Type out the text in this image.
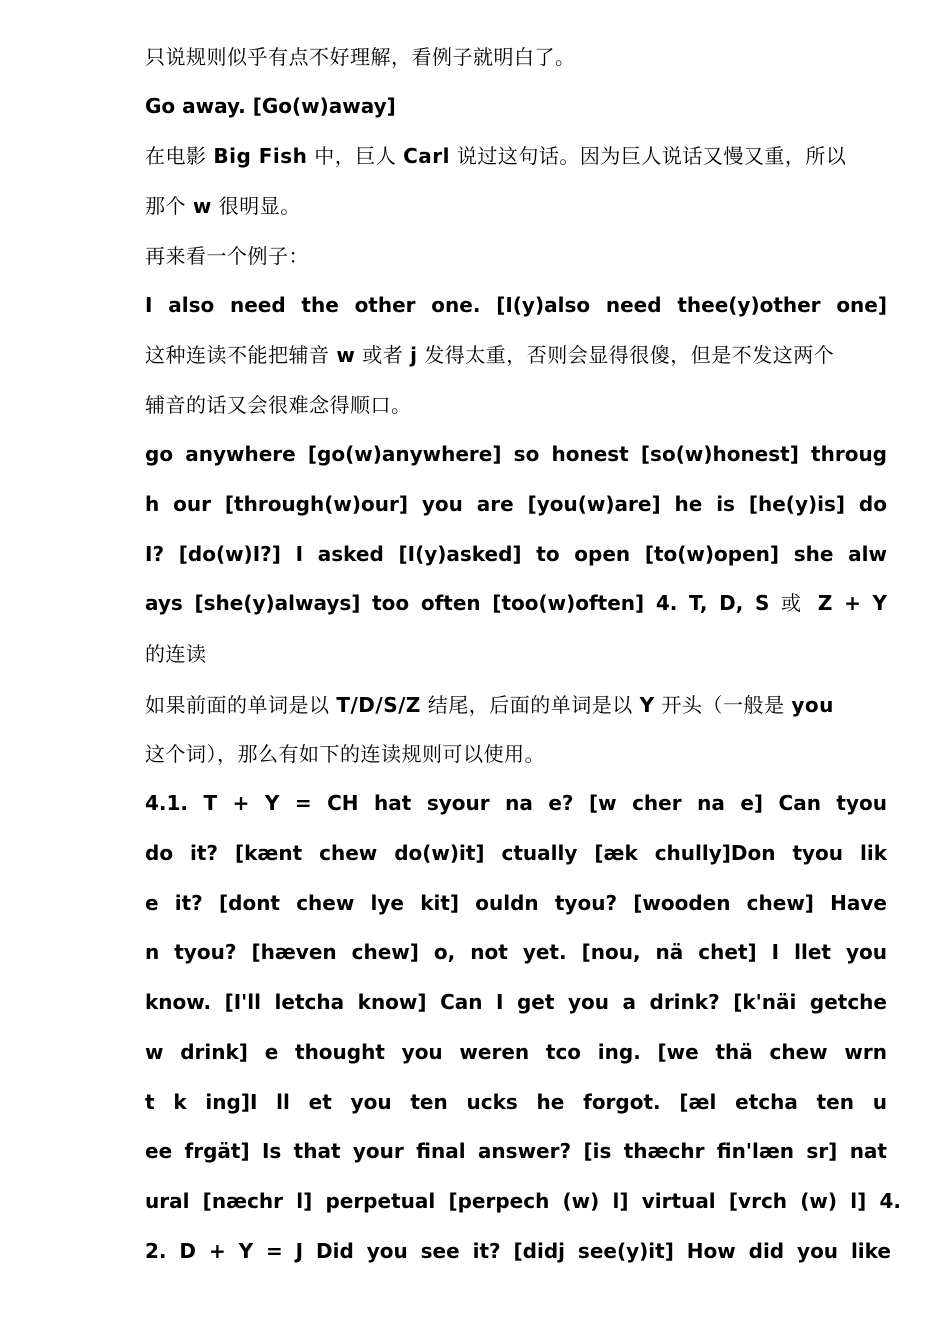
只说规则似乎有点不好理解，看例子就明白了。
Go away. [Go(w)away]
在电影 Big Fish 中，巨人 Carl 说过这句话。因为巨人说话又慢又重，所以
那个 w 很明显。
再来看一个例子：
I also need the other one. [I(y)also need thee(y)other one]
这种连读不能把辅音 w 或者 j 发得太重，否则会显得很傻，但是不发这两个
辅音的话又会很难念得顺口。
go anywhere [go(w)anywhere] so honest [so(w)honest] throug
h our [through(w)our] you are [you(w)are] he is [he(y)is] do
I? [do(w)I?] I asked [I(y)asked] to open [to(w)open] she alw
ays [she(y)always] too often [too(w)often] 4. T, D, S 或 Z + Y
的连读
如果前面的单词是以 T/D/S/Z 结尾，后面的单词是以 Y 开头（一般是 you
这个词），那么有如下的连读规则可以使用。
4.1. T + Y = CH hat syour na e? [w cher na e] Can tyou
do it? [kænt chew do(w)it] ctually [æk chully]Don tyou lik
e it? [dont chew lye kit] ouldn tyou? [wooden chew] Have
n tyou? [hæven chew] o, not yet. [nou, nä chet] I llet you
know. [I'll letcha know] Can I get you a drink? [k'näi getche
w drink] e thought you weren tco ing. [we thä chew wrn
t k ing]I ll et you ten ucks he forgot. [æl etcha ten u
ee frgät] Is that your final answer? [is thæchr fin'læn sr] nat
ural [næchr l] perpetual [perpech (w) l] virtual [vrch (w) l] 4.
2. D + Y = J Did you see it? [didj see(y)it] How did you like
